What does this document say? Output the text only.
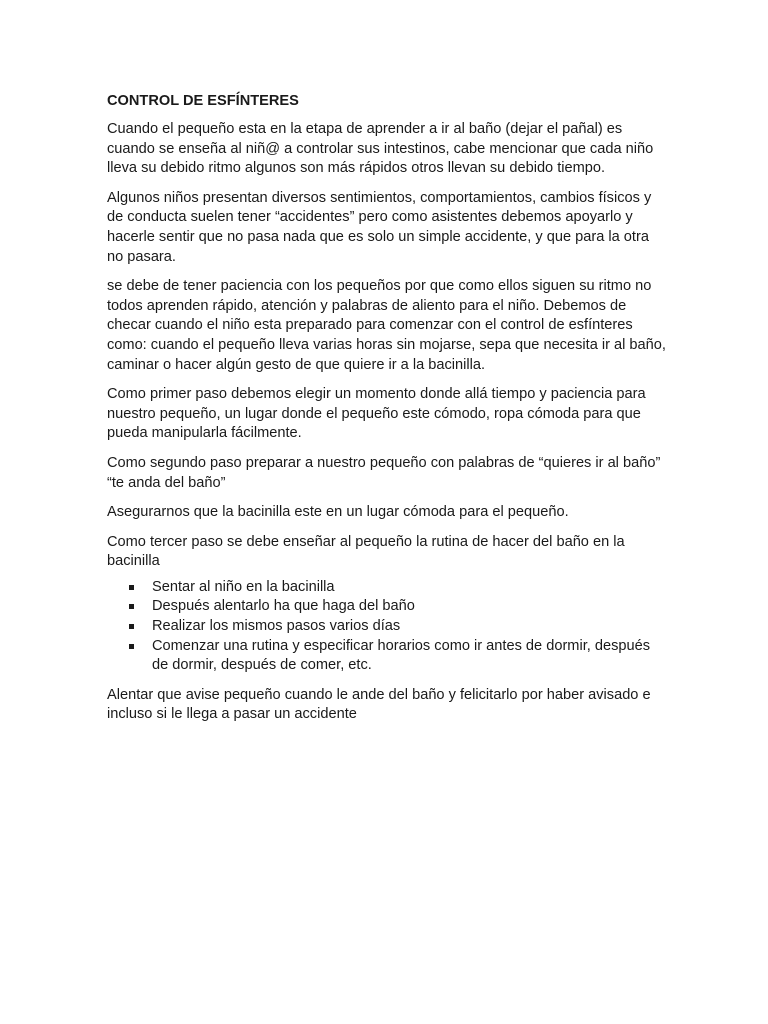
CONTROL DE ESFÍNTERES

Cuando el pequeño esta en la etapa de aprender a ir al baño (dejar el pañal) es cuando se enseña al niñ@ a controlar sus intestinos, cabe mencionar que cada niño lleva su debido ritmo algunos son más rápidos otros llevan su debido tiempo.

Algunos niños presentan diversos sentimientos, comportamientos, cambios físicos y de conducta suelen tener “accidentes” pero como asistentes debemos apoyarlo y hacerle sentir que no pasa nada que es solo un simple accidente, y que para la otra no pasara.

se debe de tener paciencia con los pequeños por que como ellos siguen su ritmo no todos aprenden rápido, atención y palabras de aliento para el niño. Debemos de checar cuando el niño esta preparado para comenzar con el control de esfínteres como: cuando el pequeño lleva varias horas sin mojarse, sepa que necesita ir al baño, caminar o hacer algún gesto de que quiere ir a la bacinilla.

Como primer paso debemos elegir un momento donde allá tiempo y paciencia para nuestro pequeño, un lugar donde el pequeño este cómodo, ropa cómoda para que pueda manipularla fácilmente.

Como segundo paso preparar a nuestro pequeño con palabras de “quieres ir al baño” “te anda del baño”

Asegurarnos que la bacinilla este en un lugar cómoda para el pequeño.

Como tercer paso se debe enseñar al pequeño la rutina de hacer del baño en la bacinilla

Sentar al niño en la bacinilla
Después alentarlo ha que haga del baño
Realizar los mismos pasos varios días
Comenzar una rutina y especificar horarios como ir antes de dormir, después de dormir, después de comer, etc.

Alentar que avise pequeño cuando le ande del baño y felicitarlo por haber avisado e incluso si le llega a pasar un accidente
